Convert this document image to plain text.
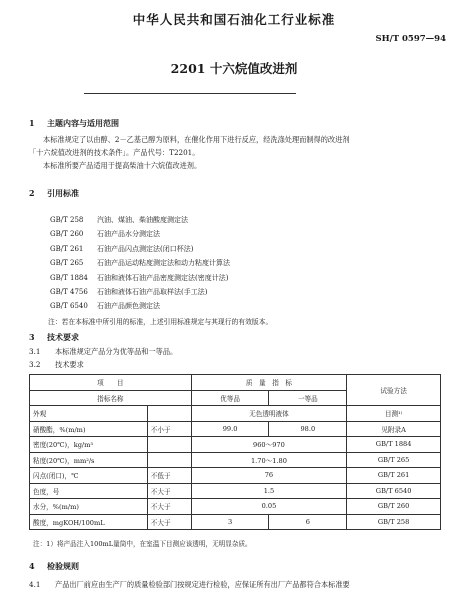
中华人民共和国石油化工行业标准
SH/T 0597—94
2201 十六烷值改进剂
1 主题内容与适用范围
本标准规定了以由醇、2－乙基己醇为原料，在催化作用下进行反应，经洗涤处理而制得的改进剂
「十六烷值改进剂的技术条件」。产品代号：T2201。
本标准所要产品适用于提高柴油十六烷值改进剂。
2 引用标准
GB/T 258 汽油、煤油、柴油酸度测定法
GB/T 260 石油产品水分测定法
GB/T 261 石油产品闪点测定法(闭口杯法)
GB/T 265 石油产品运动粘度测定法和动力粘度计算法
GB/T 1884 石油和液体石油产品密度测定法(密度计法)
GB/T 4756 石油和液体石油产品取样法(手工法)
GB/T 6540 石油产品颜色测定法
注：若在本标准中所引用的标准，上述引用标准规定与其现行的有效版本。
3 技术要求
3.1 本标准规定产品分为优等品和一等品。
3.2 技术要求
项　　目		质　量　指　标		试验方法
指标名称		优等品	一等品	
外观		无色透明液体		目测¹⁾
硝酸酯，%(m/m)	不小于	99.0	98.0	见附录A
密度(20℃)，kg/m³		960～970		GB/T 1884
粘度(20℃)，mm²/s		1.70～1.80		GB/T 265
闪点(闭口)，℃	不低于	76		GB/T 261
色度，号	不大于	1.5		GB/T 6540
水分，%(m/m)	不大于	0.05		GB/T 260
酸度，mgKOH/100mL	不大于	3	6	GB/T 258
注：1）将产品注入100mL量筒中，在室温下目测应该透明，无明显杂质。
4 检验规则
4.1 产品出厂前应由生产厂的质量检验部门按规定进行检验，应保证所有出厂产品都符合本标准要
